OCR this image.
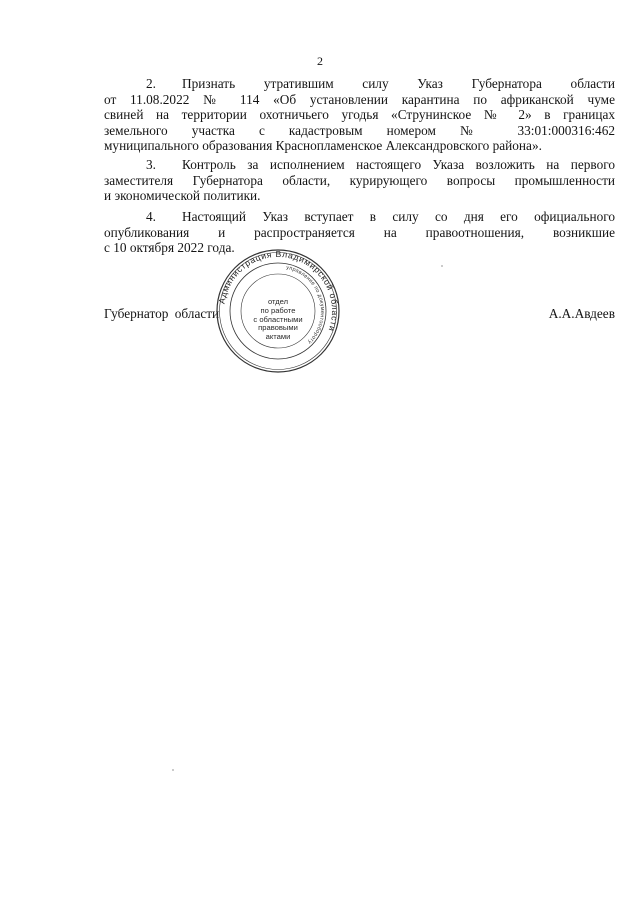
2
2. Признать утратившим силу Указ Губернатора области
от 11.08.2022 № 114 «Об установлении карантина по африканской чуме
свиней на территории охотничьего угодья «Струнинское № 2» в границах
земельного участка с кадастровым номером № 33:01:000316:462
муниципального образования Краснопламенское Александровского района».
3. Контроль за исполнением настоящего Указа возложить на первого
заместителя Губернатора области, курирующего вопросы промышленности
и экономической политики.
4. Настоящий Указ вступает в силу со дня его официального
опубликования и распространяется на правоотношения, возникшие
с 10 октября 2022 года.
Губернатор области	А.А.Авдеев
Администрация Владимирской области
управление по документообороту
отдел
по работе
с областными
правовыми
актами
